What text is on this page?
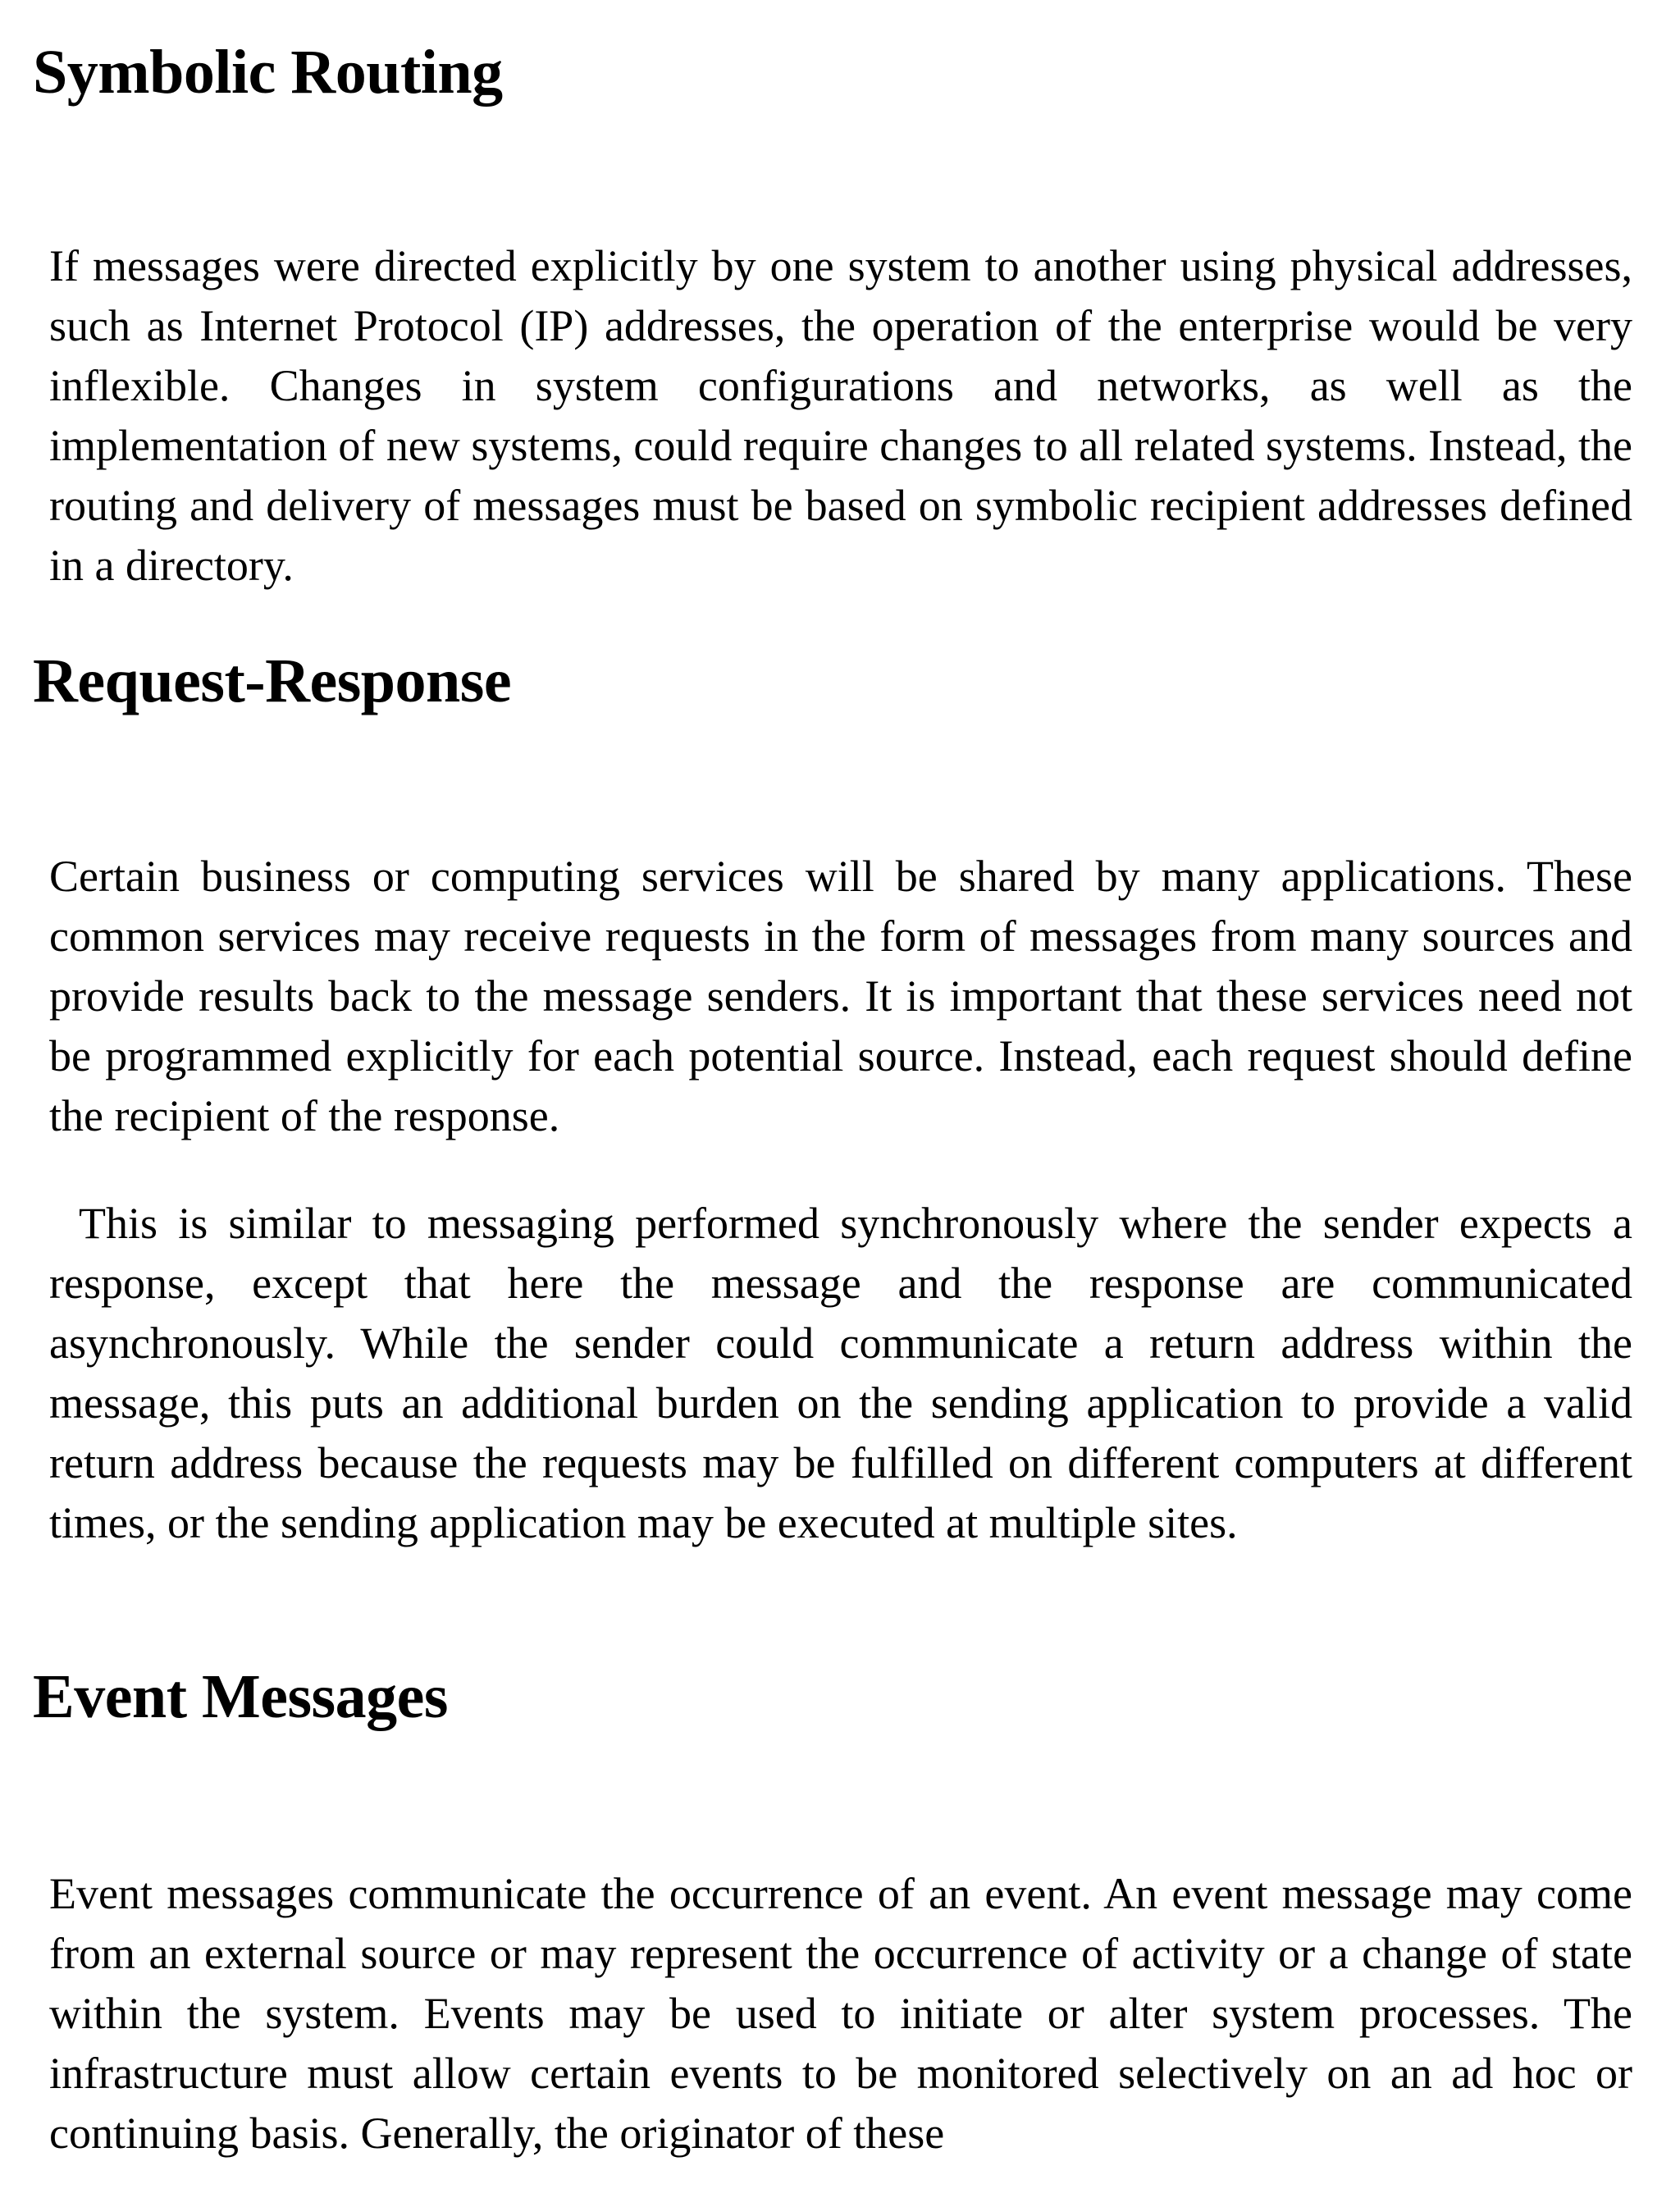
Symbolic Routing

If messages were directed explicitly by one system to another using physical addresses, such as Internet Protocol (IP) addresses, the operation of the enterprise would be very inflexible. Changes in system configurations and networks, as well as the implementation of new systems, could require changes to all related systems. Instead, the routing and delivery of messages must be based on symbolic recipient addresses defined in a directory.

Request-Response

Certain business or computing services will be shared by many applications. These common services may receive requests in the form of messages from many sources and provide results back to the message senders. It is important that these services need not be programmed explicitly for each potential source. Instead, each request should define the recipient of the response.

This is similar to messaging performed synchronously where the sender expects a response, except that here the message and the response are communicated asynchronously. While the sender could communicate a return address within the message, this puts an additional burden on the sending application to provide a valid return address because the requests may be fulfilled on different computers at different times, or the sending application may be executed at multiple sites.

Event Messages

Event messages communicate the occurrence of an event. An event message may come from an external source or may represent the occurrence of activity or a change of state within the system. Events may be used to initiate or alter system processes. The infrastructure must allow certain events to be monitored selectively on an ad hoc or continuing basis. Generally, the originator of these
